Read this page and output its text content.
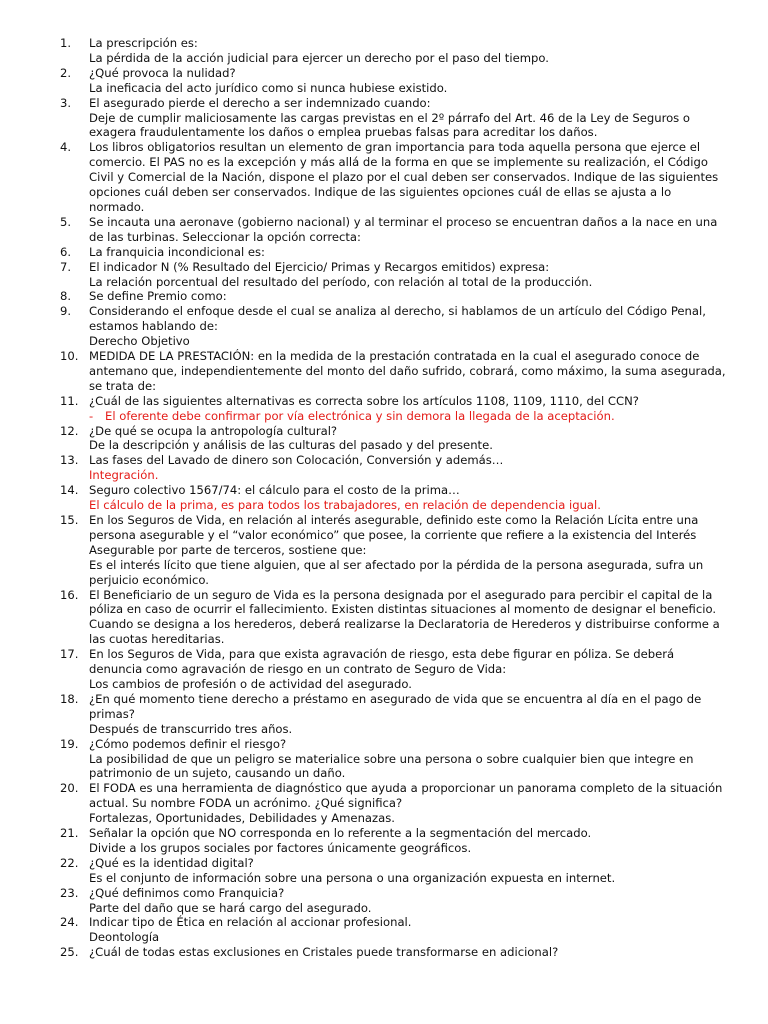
1.	La prescripción es:

La pérdida de la acción judicial para ejercer un derecho por el paso del tiempo.

2.	¿Qué provoca la nulidad?

La ineficacia del acto jurídico como si nunca hubiese existido.

3.	El asegurado pierde el derecho a ser indemnizado cuando:

Deje de cumplir maliciosamente las cargas previstas en el 2º párrafo del Art. 46 de la Ley de Seguros o exagera fraudulentamente los daños o emplea pruebas falsas para acreditar los daños.

4.	Los libros obligatorios resultan un elemento de gran importancia para toda aquella persona que ejerce el comercio. El PAS no es la excepción y más allá de la forma en que se implemente su realización, el Código Civil y Comercial de la Nación, dispone el plazo por el cual deben ser conservados. Indique de las siguientes opciones cuál deben ser conservados. Indique de las siguientes opciones cuál de ellas se ajusta a lo normado.

5.	Se incauta una aeronave (gobierno nacional) y al terminar el proceso se encuentran daños a la nace en una de las turbinas. Seleccionar la opción correcta:

6.	La franquicia incondicional es:

7.	El indicador N (% Resultado del Ejercicio/ Primas y Recargos emitidos) expresa:

La relación porcentual del resultado del período, con relación al total de la producción.

8.	Se define Premio como:

9.	Considerando el enfoque desde el cual se analiza al derecho, si hablamos de un artículo del Código Penal, estamos hablando de:

Derecho Objetivo

10. MEDIDA DE LA PRESTACIÓN: en la medida de la prestación contratada en la cual el asegurado conoce de antemano que, independientemente del monto del daño sufrido, cobrará, como máximo, la suma asegurada, se trata de:

11. ¿Cuál de las siguientes alternativas es correcta sobre los artículos 1108, 1109, 1110, del CCN?

-	El oferente debe confirmar por vía electrónica y sin demora la llegada de la aceptación.
12. ¿De qué se ocupa la antropología cultural?

De la descripción y análisis de las culturas del pasado y del presente.

13. Las fases del Lavado de dinero son Colocación, Conversión y además…

Integración.

14. Seguro colectivo 1567/74: el cálculo para el costo de la prima…

El cálculo de la prima, es para todos los trabajadores, en relación de dependencia igual.

15. En los Seguros de Vida, en relación al interés asegurable, definido este como la Relación Lícita entre una persona asegurable y el “valor económico” que posee, la corriente que refiere a la existencia del Interés Asegurable por parte de terceros, sostiene que:

Es el interés lícito que tiene alguien, que al ser afectado por la pérdida de la persona asegurada, sufra un perjuicio económico.

16. El Beneficiario de un seguro de Vida es la persona designada por el asegurado para percibir el capital de la póliza en caso de ocurrir el fallecimiento. Existen distintas situaciones al momento de designar el beneficio.

Cuando se designa a los herederos, deberá realizarse la Declaratoria de Herederos y distribuirse conforme a las cuotas hereditarias.

17. En los Seguros de Vida, para que exista agravación de riesgo, esta debe figurar en póliza. Se deberá denuncia como agravación de riesgo en un contrato de Seguro de Vida:

Los cambios de profesión o de actividad del asegurado.

18. ¿En qué momento tiene derecho a préstamo en asegurado de vida que se encuentra al día en el pago de primas?

Después de transcurrido tres años.

19. ¿Cómo podemos definir el riesgo?

La posibilidad de que un peligro se materialice sobre una persona o sobre cualquier bien que integre en patrimonio de un sujeto, causando un daño.

20. El FODA es una herramienta de diagnóstico que ayuda a proporcionar un panorama completo de la situación actual. Su nombre FODA un acrónimo. ¿Qué significa?

Fortalezas, Oportunidades, Debilidades y Amenazas.

21. Señalar la opción que NO corresponda en lo referente a la segmentación del mercado.

Divide a los grupos sociales por factores únicamente geográficos.

22. ¿Qué es la identidad digital?

Es el conjunto de información sobre una persona o una organización expuesta en internet.

23. ¿Qué definimos como Franquicia?

Parte del daño que se hará cargo del asegurado.

24. Indicar tipo de Ética en relación al accionar profesional.

Deontología

25. ¿Cuál de todas estas exclusiones en Cristales puede transformarse en adicional?
